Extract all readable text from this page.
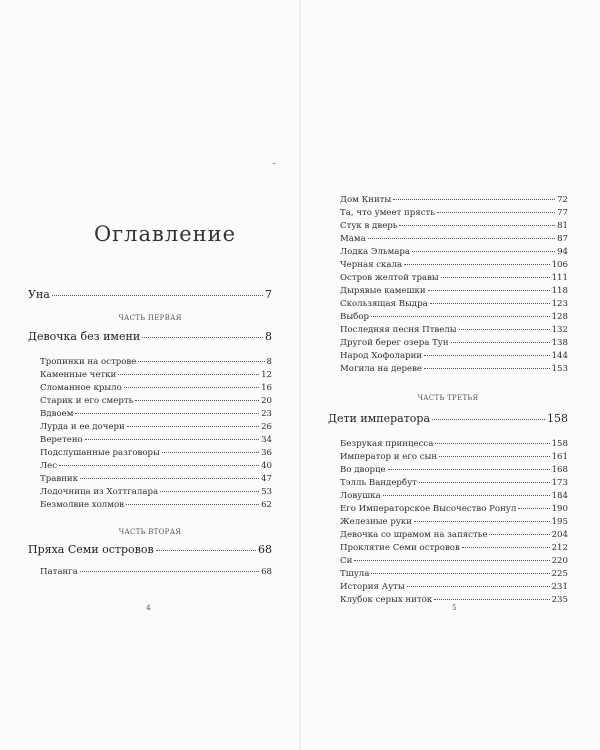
Оглавление
Уна	7
ЧАСТЬ ПЕРВАЯ
Девочка без имени	8
Тропинки на острове	8
Каменные четки	12
Сломанное крыло	16
Старик и его смерть	20
Вдвоем	23
Лурда и ее дочери	26
Веретено	34
Подслушанные разговоры	36
Лес	40
Травник	47
Лодочница из Хоттгалара	53
Безмолвие холмов	62
ЧАСТЬ ВТОРАЯ
Пряха Семи островов	68
Патанга	68
4
Дом Книты	72
Та, что умеет прясть	77
Стук в дверь	81
Мама	87
Лодка Эльмара	94
Черная скала	106
Остров желтой травы	111
Дырявые камешки	118
Скользящая Выдра	123
Выбор	128
Последняя песня Птвелы	132
Другой берег озера Тун	138
Народ Хофоларии	144
Могила на дереве	153
ЧАСТЬ ТРЕТЬЯ
Дети императора	158
Безрукая принцесса	158
Император и его сын	161
Во дворце	168
Тэлль Вандербут	173
Ловушка	184
Его Императорское Высочество Ронул	190
Железные руки	195
Девочка со шрамом на запястье	204
Проклятие Семи островов	212
Си	220
Тшула	225
История Ауты	231
Клубок серых ниток	235
5
